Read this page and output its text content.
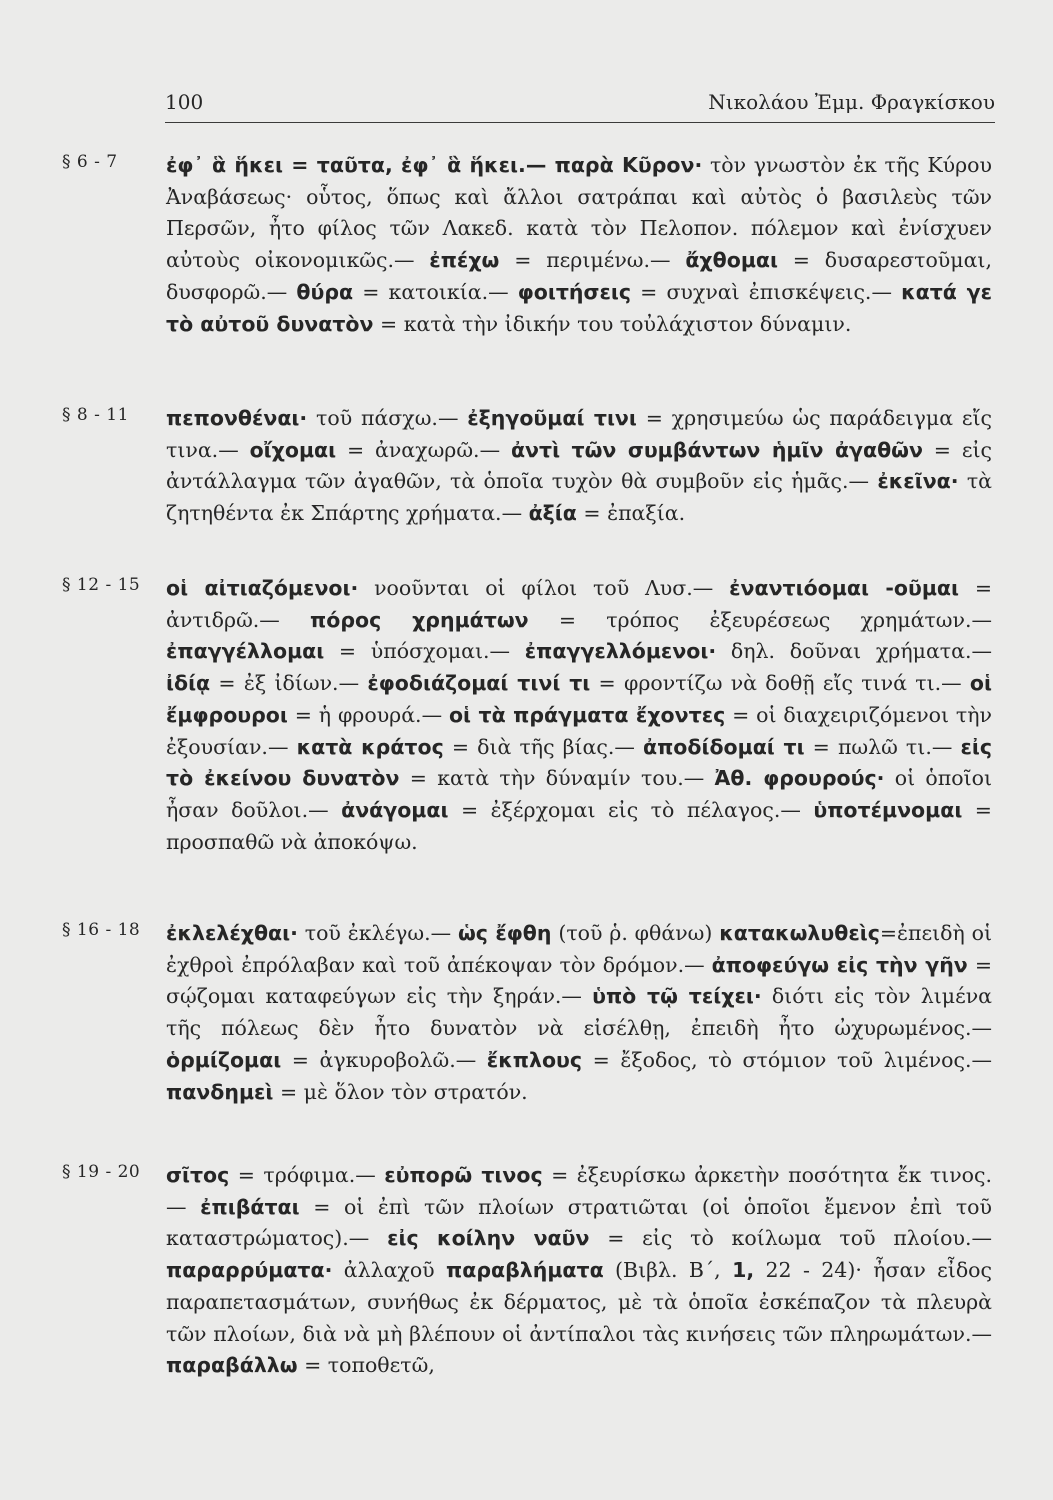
100	Νικολάου Ἐμμ. Φραγκίσκου
§ 6 - 7	ἐφ᾽ ἃ ἥκει = ταῦτα, ἐφ᾽ ἃ ἥκει.— παρὰ Κῦρον· τὸν γνωστὸν ἐκ τῆς Κύρου Ἀναβάσεως· οὗτος, ὅπως καὶ ἄλλοι σατράπαι καὶ αὐτὸς ὁ βασιλεὺς τῶν Περσῶν, ἦτο φίλος τῶν Λακεδ. κατὰ τὸν Πελοπον. πόλεμον καὶ ἐνίσχυεν αὐτοὺς οἰκονομικῶς.— ἐπέχω = περιμένω.— ἄχθομαι = δυσαρεστοῦμαι, δυσφορῶ.— θύρα = κατοικία.— φοιτήσεις = συχναὶ ἐπισκέψεις.— κατά γε τὸ αὐτοῦ δυνατὸν = κατὰ τὴν ἰδικήν του τοὐλάχιστον δύναμιν.
§ 8 - 11	πεπονθέναι· τοῦ πάσχω.— ἐξηγοῦμαί τινι = χρησιμεύω ὡς παράδειγμα εἴς τινα.— οἴχομαι = ἀναχωρῶ.— ἀντὶ τῶν συμβάντων ἡμῖν ἀγαθῶν = εἰς ἀντάλλαγμα τῶν ἀγαθῶν, τὰ ὁποῖα τυχὸν θὰ συμβοῦν εἰς ἡμᾶς.— ἐκεῖνα· τὰ ζητηθέντα ἐκ Σπάρτης χρήματα.— ἀξία = ἐπαξία.
§ 12 - 15	οἱ αἰτιαζόμενοι· νοοῦνται οἱ φίλοι τοῦ Λυσ.— ἐναντιόομαι -οῦμαι = ἀντιδρῶ.— πόρος χρημάτων = τρόπος ἐξευρέσεως χρημάτων.— ἐπαγγέλλομαι = ὑπόσχομαι.— ἐπαγγελλόμενοι· δηλ. δοῦναι χρήματα.— ἰδίᾳ = ἐξ ἰδίων.— ἐφοδιάζομαί τινί τι = φροντίζω νὰ δοθῇ εἴς τινά τι.— οἱ ἔμφρουροι = ἡ φρουρά.— οἱ τὰ πράγματα ἔχοντες = οἱ διαχειριζόμενοι τὴν ἐξουσίαν.— κατὰ κράτος = διὰ τῆς βίας.— ἀποδίδομαί τι = πωλῶ τι.— εἰς τὸ ἐκείνου δυνατὸν = κατὰ τὴν δύναμίν του.— Ἀθ. φρουρούς· οἱ ὁποῖοι ἦσαν δοῦλοι.— ἀνάγομαι = ἐξέρχομαι εἰς τὸ πέλαγος.— ὑποτέμνομαι = προσπαθῶ νὰ ἀποκόψω.
§ 16 - 18	ἐκλελέχθαι· τοῦ ἐκλέγω.— ὡς ἔφθη (τοῦ ῥ. φθάνω) κατακωλυθεὶς=ἐπειδὴ οἱ ἐχθροὶ ἐπρόλαβαν καὶ τοῦ ἀπέκοψαν τὸν δρόμον.— ἀποφεύγω εἰς τὴν γῆν = σῴζομαι καταφεύγων εἰς τὴν ξηράν.— ὑπὸ τῷ τείχει· διότι εἰς τὸν λιμένα τῆς πόλεως δὲν ἦτο δυνατὸν νὰ εἰσέλθῃ, ἐπειδὴ ἦτο ὠχυρωμένος.— ὁρμίζομαι = ἀγκυροβολῶ.— ἔκπλους = ἔξοδος, τὸ στόμιον τοῦ λιμένος.— πανδημεὶ = μὲ ὅλον τὸν στρατόν.
§ 19 - 20	σῖτος = τρόφιμα.— εὐπορῶ τινος = ἐξευρίσκω ἀρκετὴν ποσότητα ἔκ τινος.— ἐπιβάται = οἱ ἐπὶ τῶν πλοίων στρατιῶται (οἱ ὁποῖοι ἔμενον ἐπὶ τοῦ καταστρώματος).— εἰς κοίλην ναῦν = εἰς τὸ κοίλωμα τοῦ πλοίου.— παραρρύματα· ἀλλαχοῦ παραβλήματα (Βιβλ. Β΄, 1, 22 - 24)· ἦσαν εἶδος παραπετασμάτων, συνήθως ἐκ δέρματος, μὲ τὰ ὁποῖα ἐσκέπαζον τὰ πλευρὰ τῶν πλοίων, διὰ νὰ μὴ βλέπουν οἱ ἀντίπαλοι τὰς κινήσεις τῶν πληρωμάτων.— παραβάλλω = τοποθετῶ,
